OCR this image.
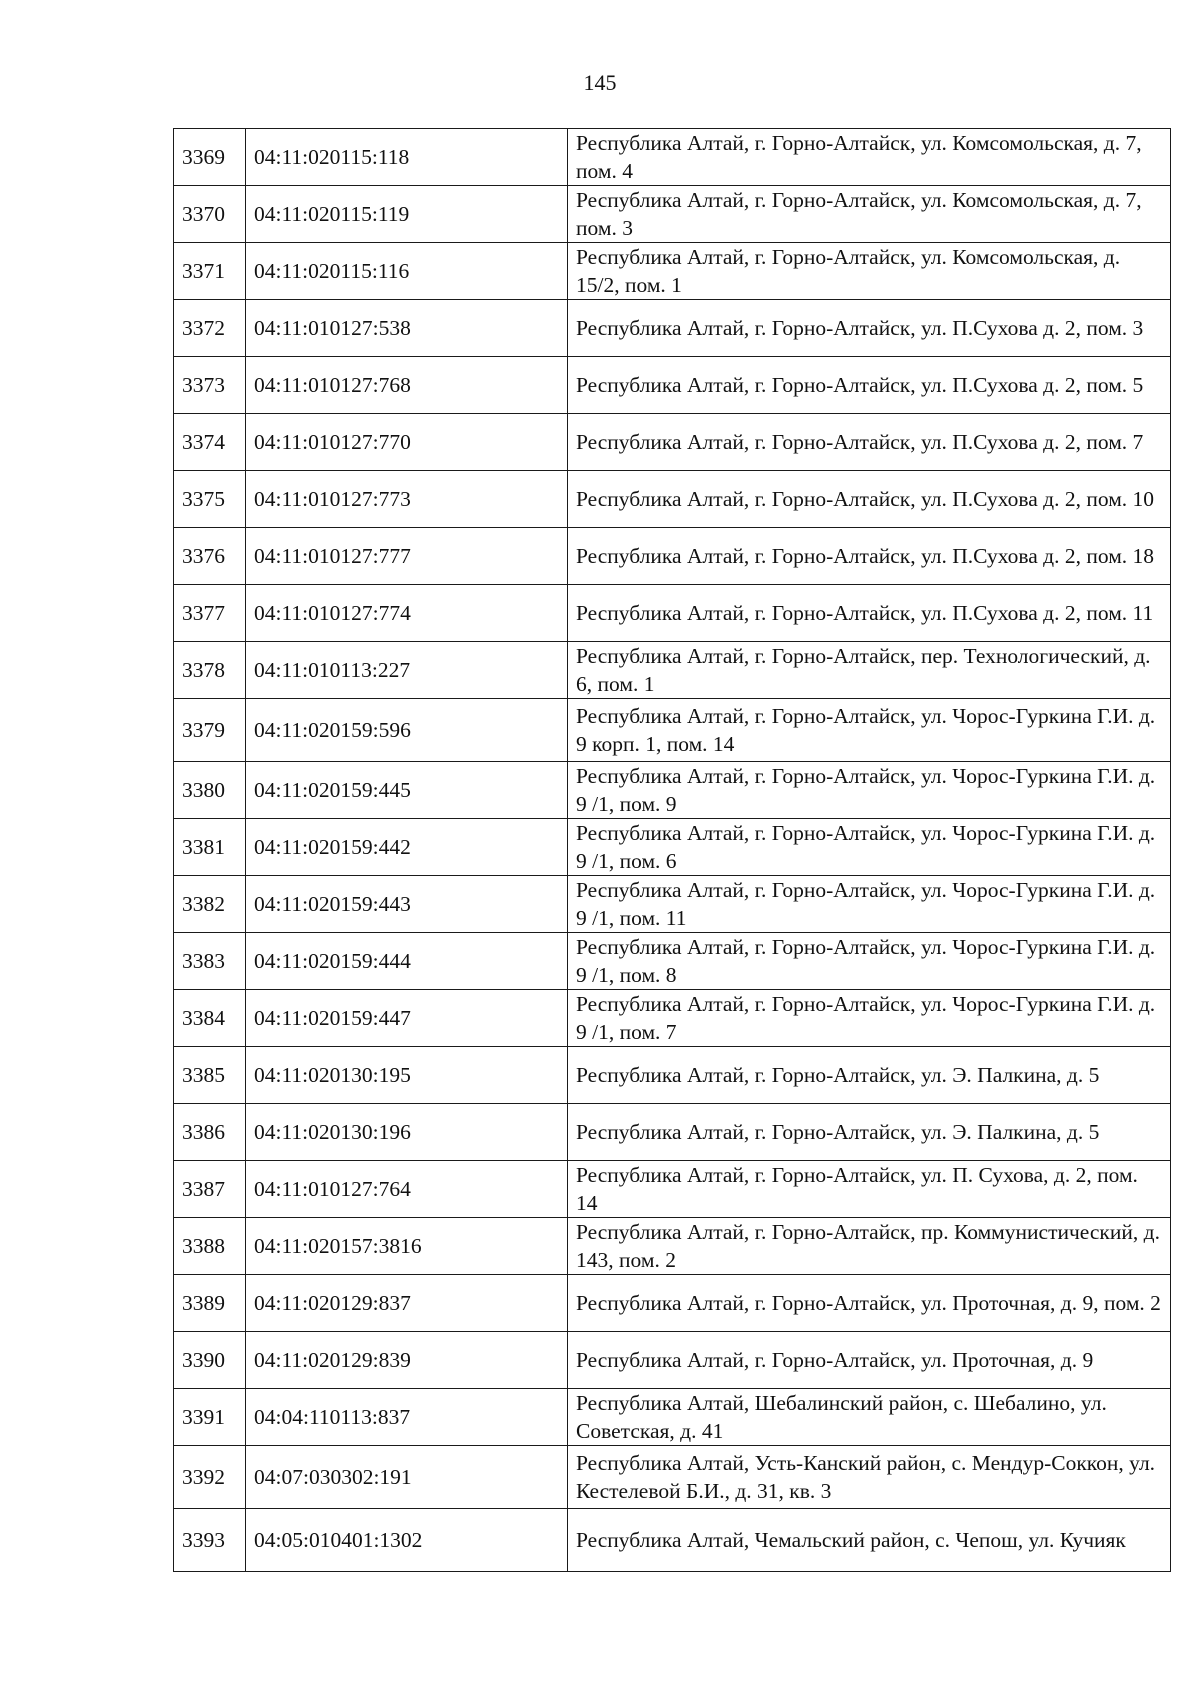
145
3369	04:11:020115:118	Республика Алтай, г. Горно-Алтайск, ул. Комсомольская, д. 7, пом. 4
3370	04:11:020115:119	Республика Алтай, г. Горно-Алтайск, ул. Комсомольская, д. 7, пом. 3
3371	04:11:020115:116	Республика Алтай, г. Горно-Алтайск, ул. Комсомольская, д. 15/2, пом. 1
3372	04:11:010127:538	Республика Алтай, г. Горно-Алтайск, ул. П.Сухова д. 2, пом. 3
3373	04:11:010127:768	Республика Алтай, г. Горно-Алтайск, ул. П.Сухова д. 2, пом. 5
3374	04:11:010127:770	Республика Алтай, г. Горно-Алтайск, ул. П.Сухова д. 2, пом. 7
3375	04:11:010127:773	Республика Алтай, г. Горно-Алтайск, ул. П.Сухова д. 2, пом. 10
3376	04:11:010127:777	Республика Алтай, г. Горно-Алтайск, ул. П.Сухова д. 2, пом. 18
3377	04:11:010127:774	Республика Алтай, г. Горно-Алтайск, ул. П.Сухова д. 2, пом. 11
3378	04:11:010113:227	Республика Алтай, г. Горно-Алтайск, пер. Технологический, д. 6, пом. 1
3379	04:11:020159:596	Республика Алтай, г. Горно-Алтайск, ул. Чорос-Гуркина Г.И. д. 9 корп. 1, пом. 14
3380	04:11:020159:445	Республика Алтай, г. Горно-Алтайск, ул. Чорос-Гуркина Г.И. д. 9 /1, пом. 9
3381	04:11:020159:442	Республика Алтай, г. Горно-Алтайск, ул. Чорос-Гуркина Г.И. д. 9 /1, пом. 6
3382	04:11:020159:443	Республика Алтай, г. Горно-Алтайск, ул. Чорос-Гуркина Г.И. д. 9 /1, пом. 11
3383	04:11:020159:444	Республика Алтай, г. Горно-Алтайск, ул. Чорос-Гуркина Г.И. д. 9 /1, пом. 8
3384	04:11:020159:447	Республика Алтай, г. Горно-Алтайск, ул. Чорос-Гуркина Г.И. д. 9 /1, пом. 7
3385	04:11:020130:195	Республика Алтай, г. Горно-Алтайск, ул. Э. Палкина, д. 5
3386	04:11:020130:196	Республика Алтай, г. Горно-Алтайск, ул. Э. Палкина, д. 5
3387	04:11:010127:764	Республика Алтай, г. Горно-Алтайск, ул. П. Сухова, д. 2, пом. 14
3388	04:11:020157:3816	Республика Алтай, г. Горно-Алтайск, пр. Коммунистический, д. 143, пом. 2
3389	04:11:020129:837	Республика Алтай, г. Горно-Алтайск, ул. Проточная, д. 9, пом. 2
3390	04:11:020129:839	Республика Алтай, г. Горно-Алтайск, ул. Проточная, д. 9
3391	04:04:110113:837	Республика Алтай, Шебалинский район, с. Шебалино, ул. Советская, д. 41
3392	04:07:030302:191	Республика Алтай, Усть-Канский район, с. Мендур-Соккон, ул. Кестелевой Б.И., д. 31, кв. 3
3393	04:05:010401:1302	Республика Алтай, Чемальский район, с. Чепош, ул. Кучияк
